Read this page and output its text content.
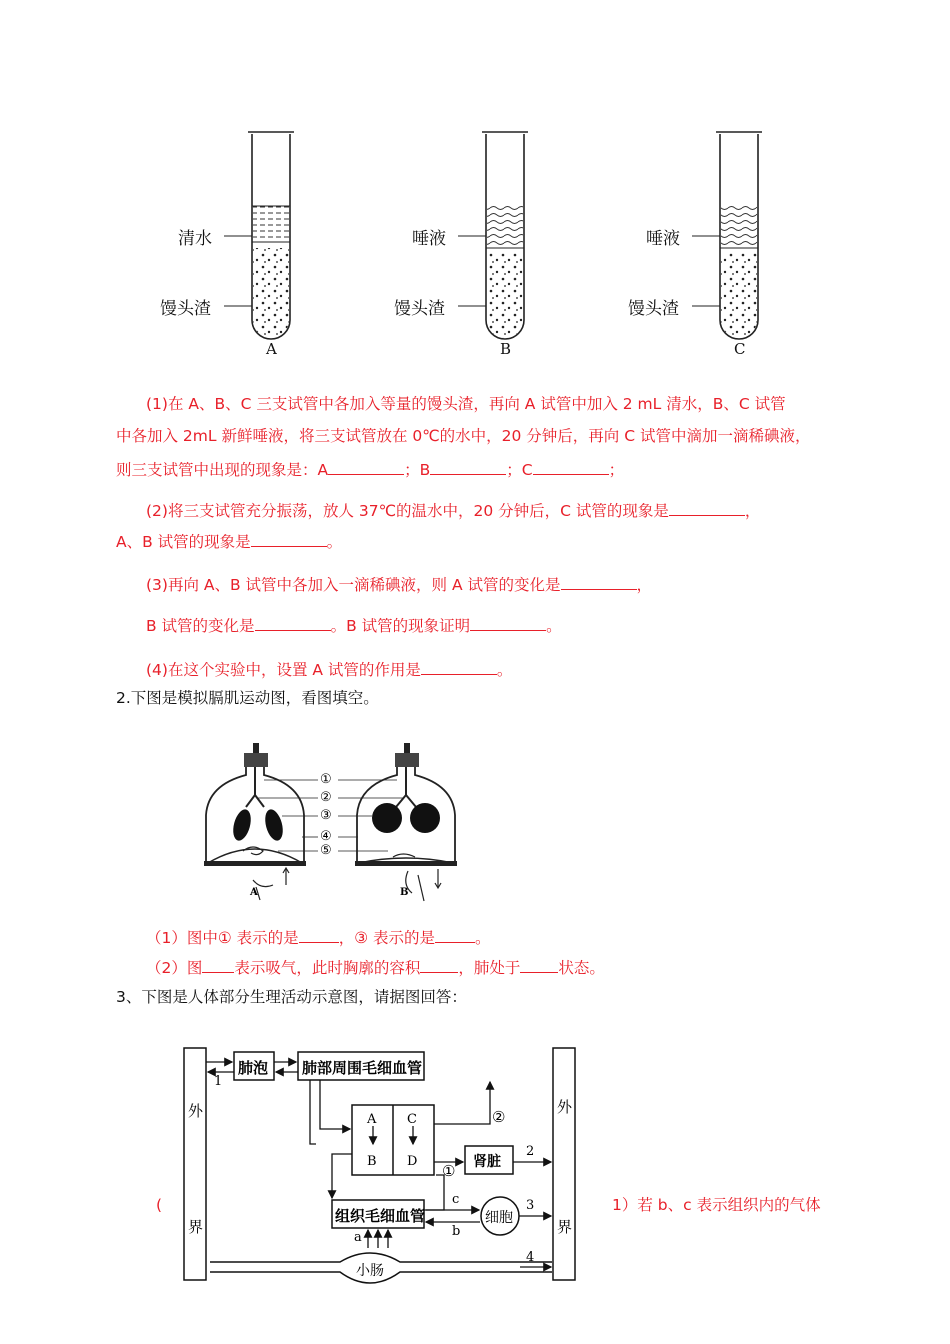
清水
馒头渣
唾液
馒头渣
唾液
馒头渣
A	B	C
(1)在 A、B、C 三支试管中各加入等量的馒头渣，再向 A 试管中加入 2 mL 清水，B、C 试管
中各加入 2mL 新鲜唾液，将三支试管放在 0℃的水中，20 分钟后，再向 C 试管中滴加一滴稀碘液，
则三支试管中出现的现象是：A	；B	；C	；
(2)将三支试管充分振荡，放人 37℃的温水中，20 分钟后，C 试管的现象是	，
A、B 试管的现象是	。
(3)再向 A、B 试管中各加入一滴稀碘液，则 A 试管的变化是	，
B 试管的变化是	。B 试管的现象证明	。
(4)在这个实验中，设置 A 试管的作用是	。
2.下图是模拟膈肌运动图，看图填空。
①
②
③
④
⑤
A	B
（1）图中① 表示的是	，③ 表示的是	。
（2）图 表示吸气，此时胸廓的容积 ，肺处于 状态。
3、下图是人体部分生理活动示意图，请据图回答：
肺泡 肺部周围毛细血管
组织毛细血管
肾脏
细胞
小肠
外
界
外
界
A
B
C
D
1
2
3
4
a	b
c
①
②
(	1）若 b、c 表示组织内的气体
